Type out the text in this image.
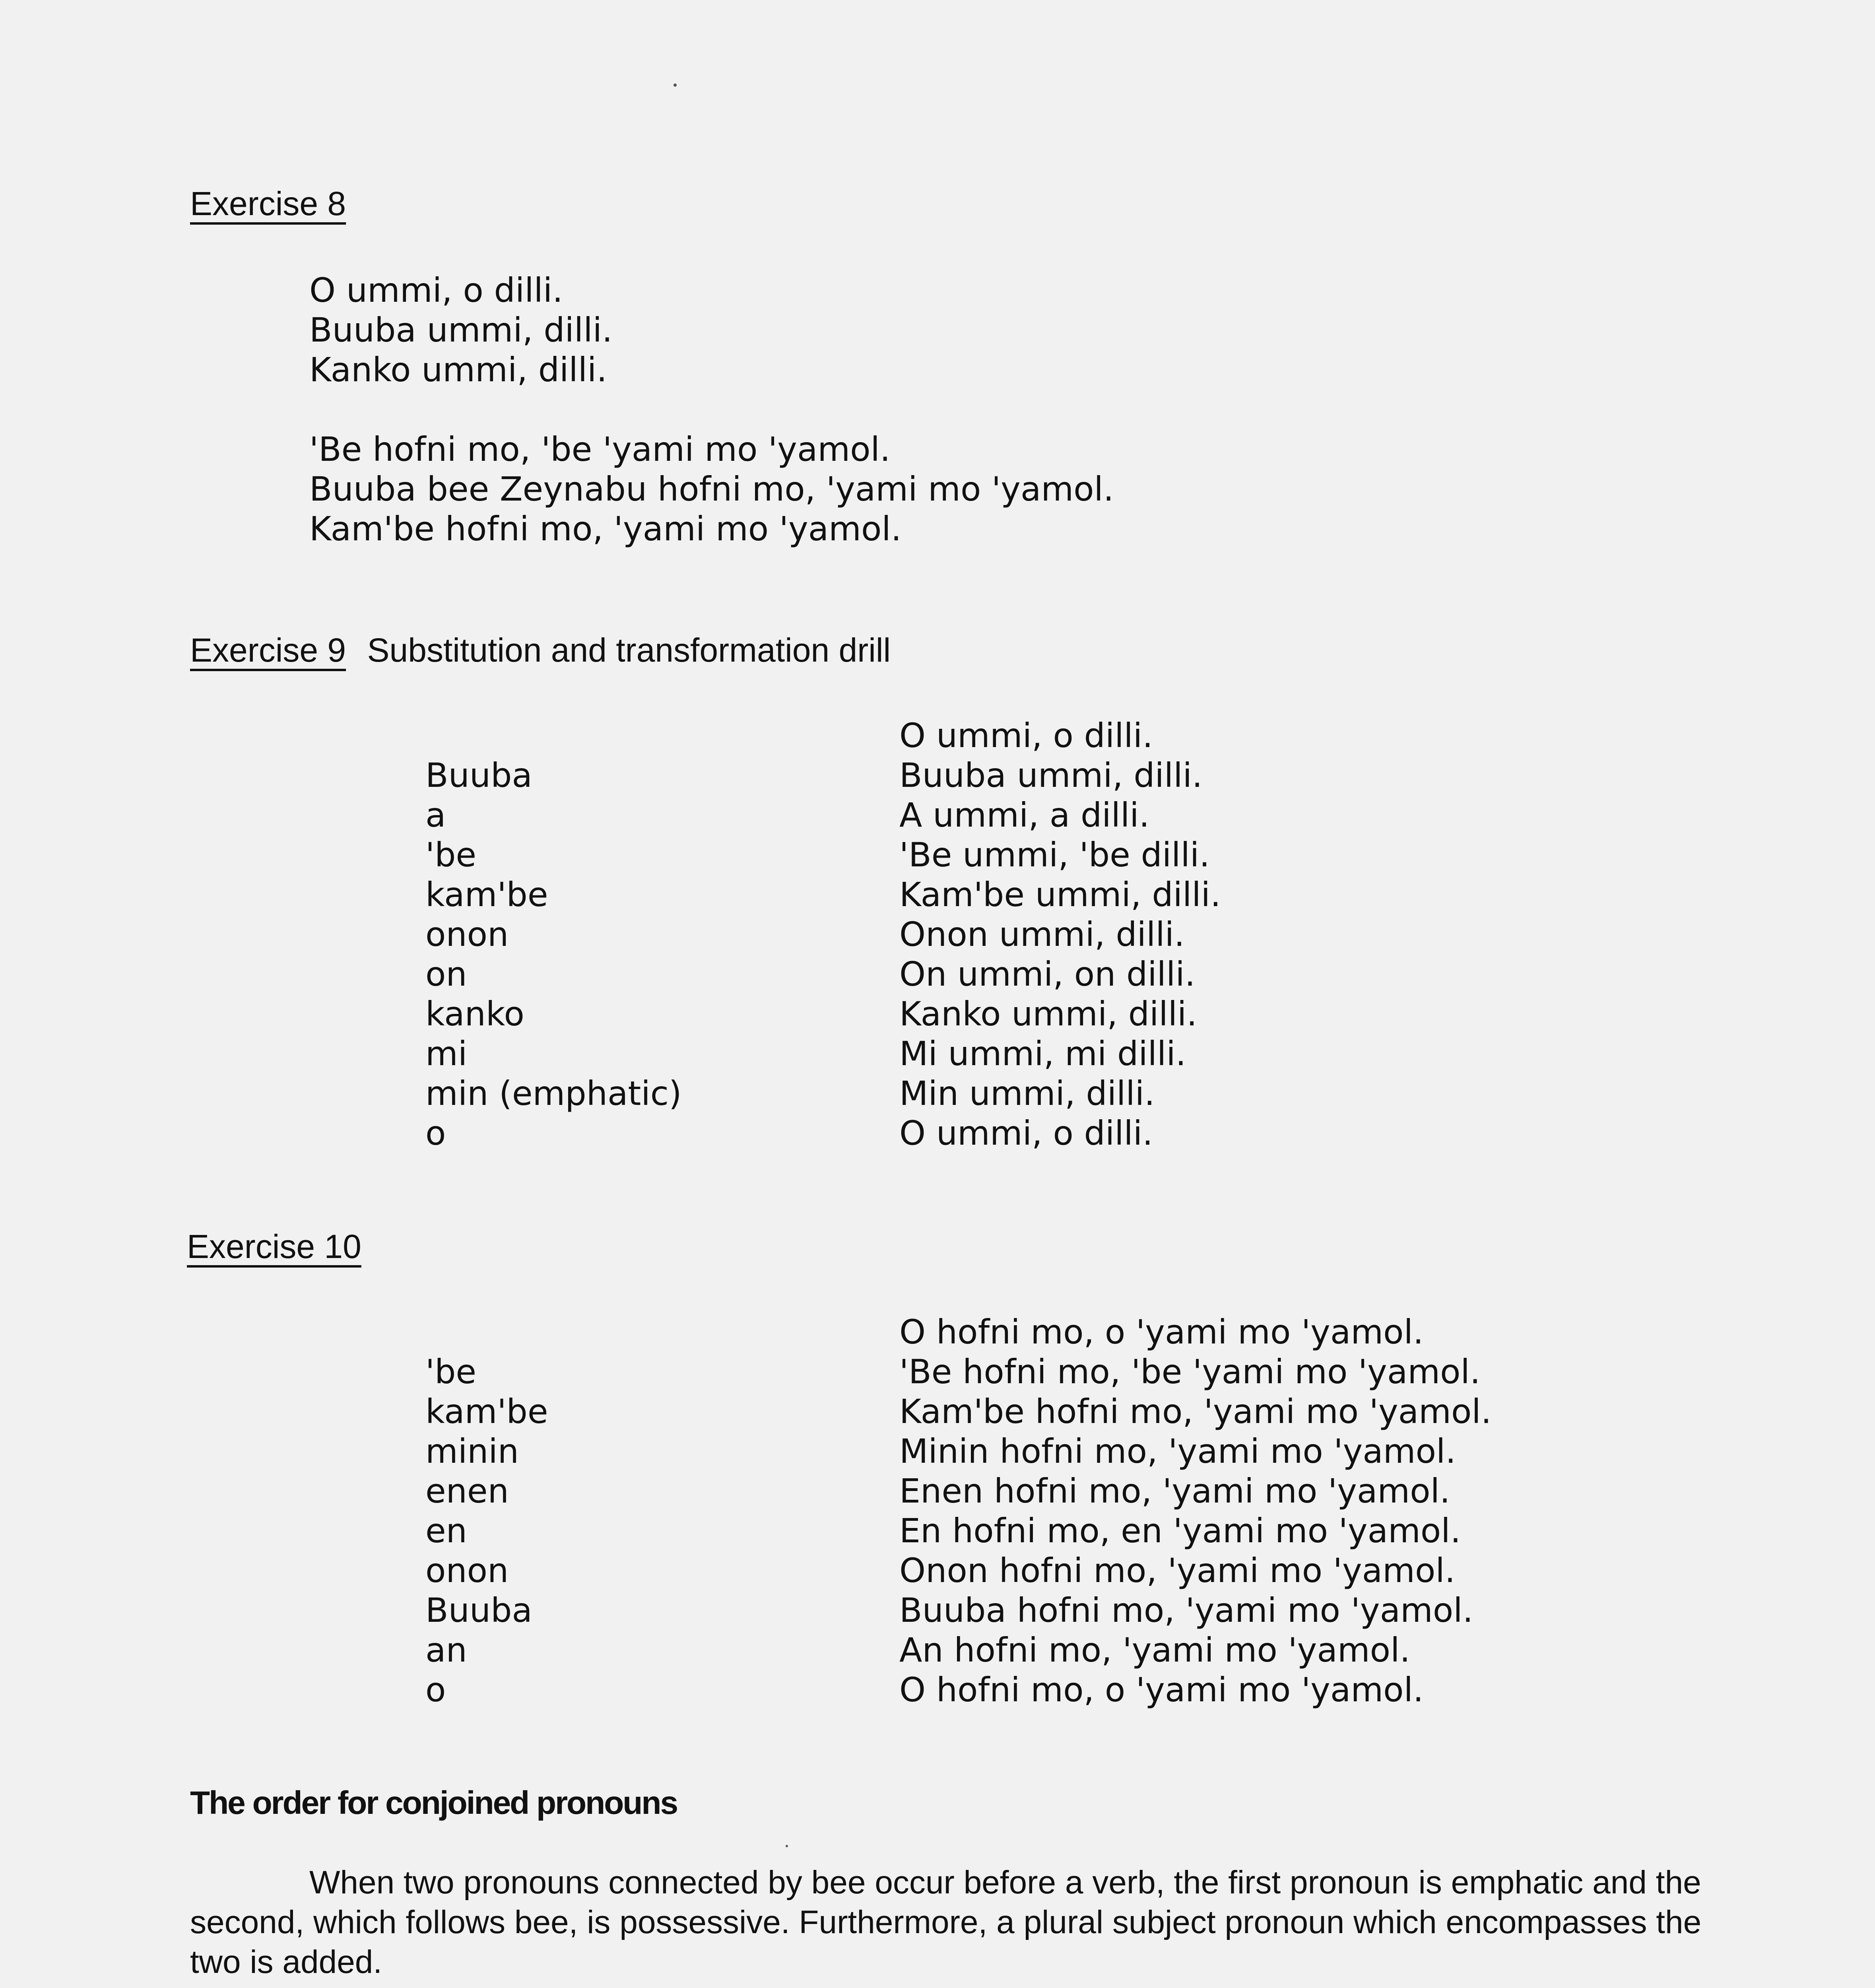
Exercise 8
O ummi, o dilli.
Buuba ummi, dilli.
Kanko ummi, dilli.
'Be hofni mo, 'be 'yami mo 'yamol.
Buuba bee Zeynabu hofni mo, 'yami mo 'yamol.
Kam'be hofni mo, 'yami mo 'yamol.
Exercise 9 Substitution and transformation drill
O ummi, o dilli.
Buuba
a
'be
kam'be
onon
on
kanko
mi
min (emphatic)
o
Buuba ummi, dilli.
A ummi, a dilli.
'Be ummi, 'be dilli.
Kam'be ummi, dilli.
Onon ummi, dilli.
On ummi, on dilli.
Kanko ummi, dilli.
Mi ummi, mi dilli.
Min ummi, dilli.
O ummi, o dilli.
Exercise 10
O hofni mo, o 'yami mo 'yamol.
'be
kam'be
minin
enen
en
onon
Buuba
an
o
'Be hofni mo, 'be 'yami mo 'yamol.
Kam'be hofni mo, 'yami mo 'yamol.
Minin hofni mo, 'yami mo 'yamol.
Enen hofni mo, 'yami mo 'yamol.
En hofni mo, en 'yami mo 'yamol.
Onon hofni mo, 'yami mo 'yamol.
Buuba hofni mo, 'yami mo 'yamol.
An hofni mo, 'yami mo 'yamol.
O hofni mo, o 'yami mo 'yamol.
The order for conjoined pronouns
When two pronouns connected by bee occur before a verb, the first pronoun is emphatic and the second, which follows bee, is possessive. Furthermore, a plural subject pronoun which encompasses the two is added.
